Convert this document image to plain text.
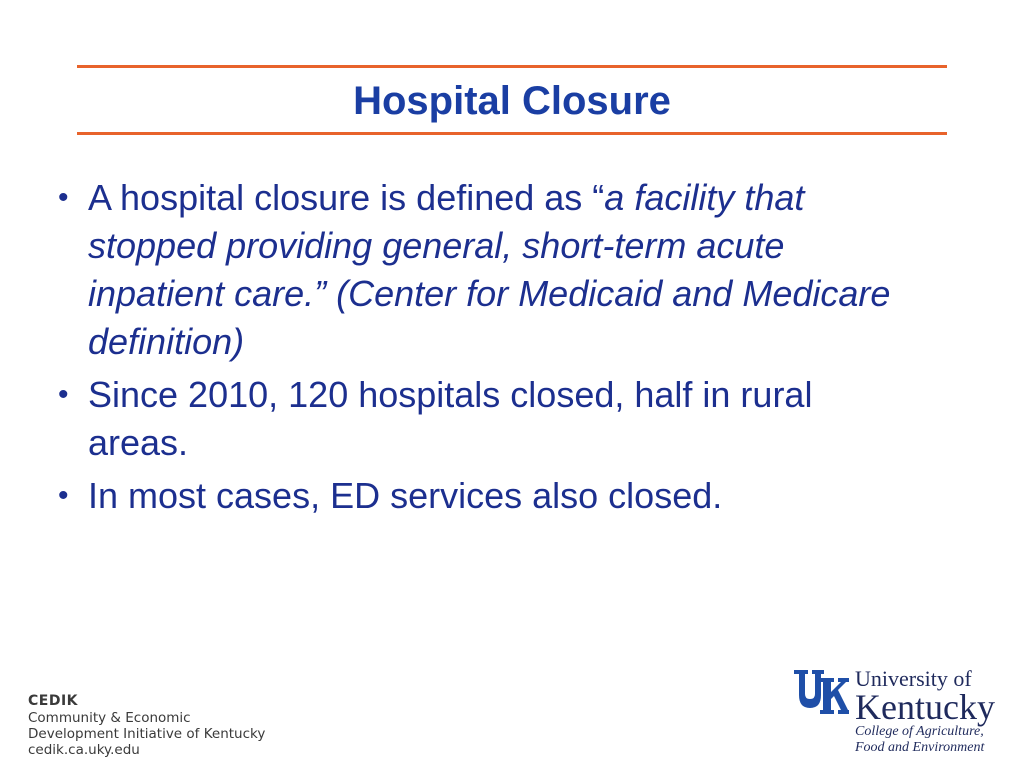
Hospital Closure
• A hospital closure is defined as “a facility that stopped providing general, short-term acute inpatient care.” (Center for Medicaid and Medicare definition)
• Since 2010, 120 hospitals closed, half in rural areas.
• In most cases, ED services also closed.
CEDIK
Community & Economic
Development Initiative of Kentucky
cedik.ca.uky.edu
University of
Kentucky
College of Agriculture,
Food and Environment
